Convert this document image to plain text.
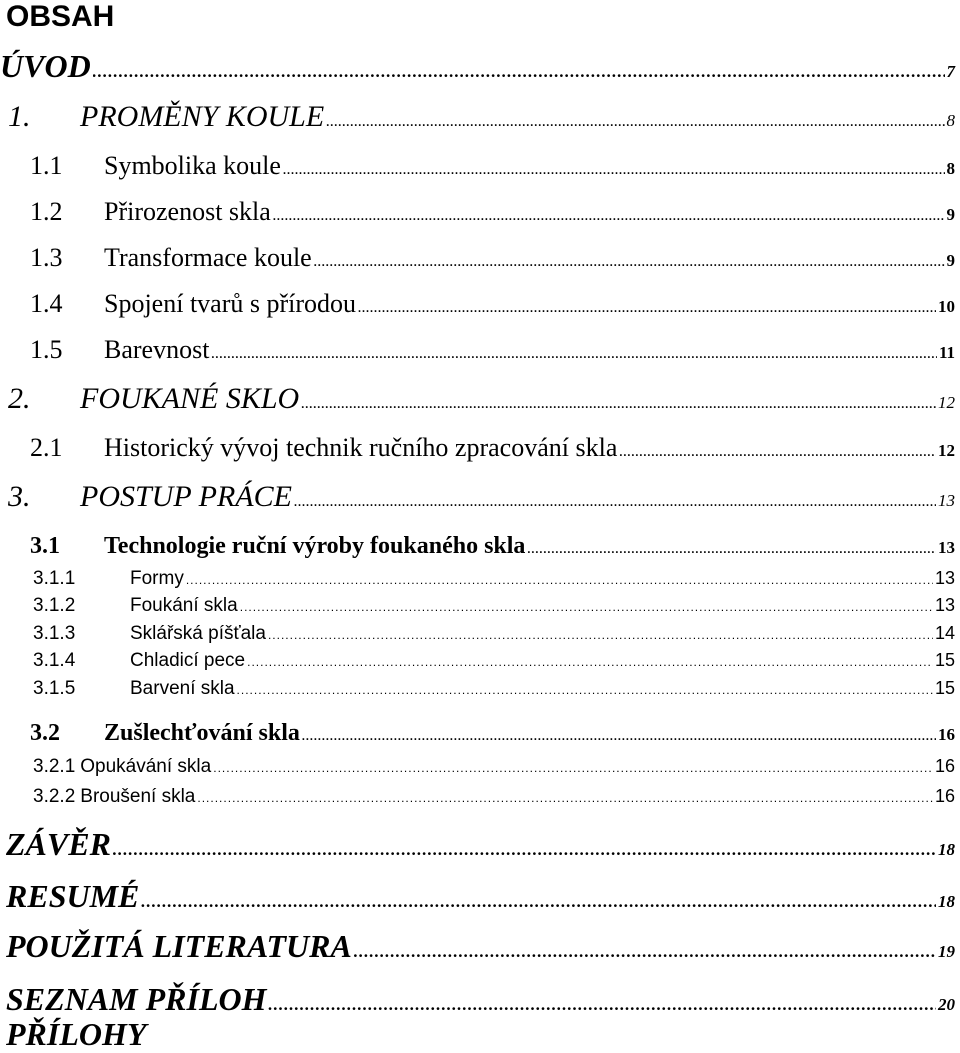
OBSAH
ÚVOD .....	7
1.	PROMĚNY KOULE .....	8
1.1	Symbolika koule .....	8
1.2	Přirozenost skla .....	9
1.3	Transformace koule .....	9
1.4	Spojení tvarů s přírodou .....	10
1.5	Barevnost .....	11
2.	FOUKANÉ SKLO .....	12
2.1	Historický vývoj technik ručního zpracování skla .....	12
3.	POSTUP PRÁCE .....	13
3.1	Technologie ruční výroby foukaného skla .....	13
3.1.1	Formy .....	13
3.1.2	Foukání skla .....	13
3.1.3	Sklářská píšťala .....	14
3.1.4	Chladicí pece .....	15
3.1.5	Barvení skla .....	15
3.2	Zušlechťování skla .....	16
3.2.1 Opukávání skla .....	16
3.2.2 Broušení skla .....	16
ZÁVĚR .....	18
RESUMÉ .....	18
POUŽITÁ LITERATURA .....	19
SEZNAM PŘÍLOH .....	20
PŘÍLOHY
